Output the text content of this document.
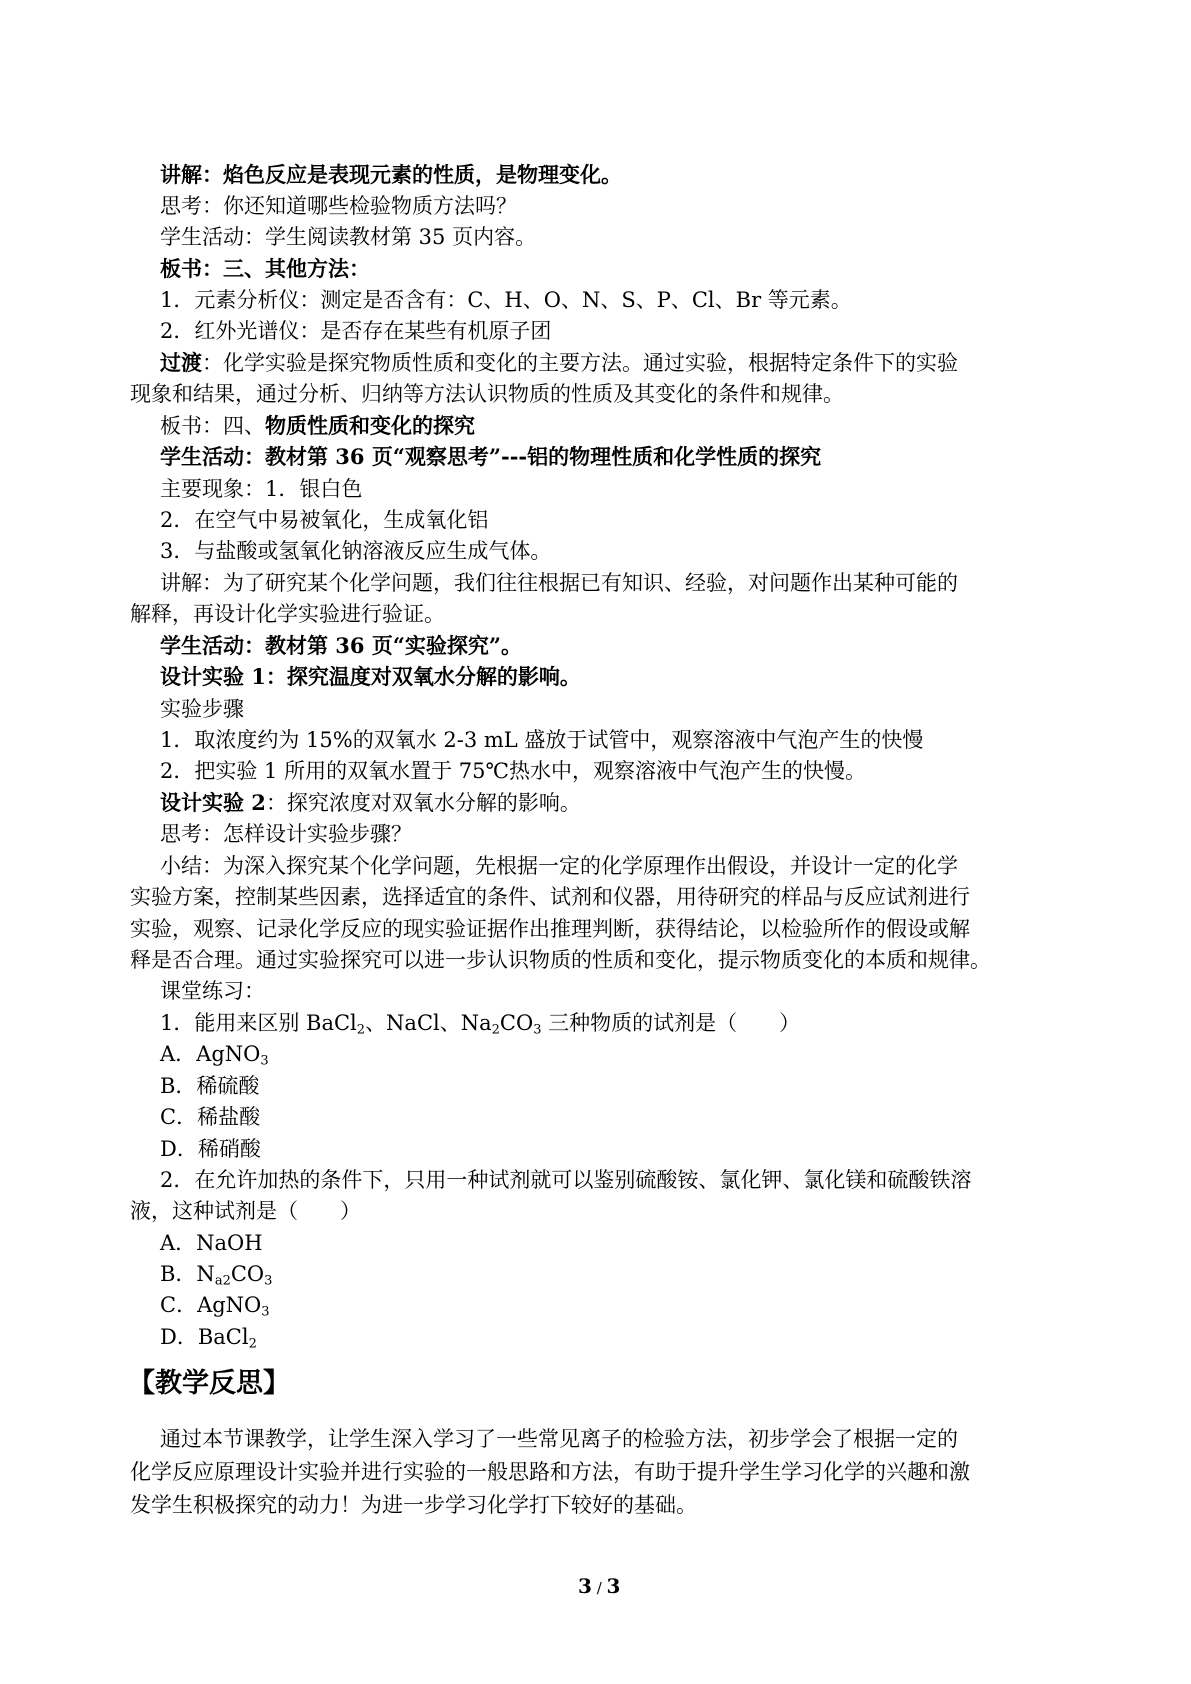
讲解：焰色反应是表现元素的性质，是物理变化。
思考：你还知道哪些检验物质方法吗？
学生活动：学生阅读教材第 35 页内容。
板书：三、其他方法：
1．元素分析仪：测定是否含有：C、H、O、N、S、P、Cl、Br 等元素。
2．红外光谱仪：是否存在某些有机原子团
过渡：化学实验是探究物质性质和变化的主要方法。通过实验，根据特定条件下的实验
现象和结果，通过分析、归纳等方法认识物质的性质及其变化的条件和规律。
板书：四、物质性质和变化的探究
学生活动：教材第 36 页“观察思考”---铝的物理性质和化学性质的探究
主要现象：1．银白色
2．在空气中易被氧化，生成氧化铝
3．与盐酸或氢氧化钠溶液反应生成气体。
讲解：为了研究某个化学问题，我们往往根据已有知识、经验，对问题作出某种可能的
解释，再设计化学实验进行验证。
学生活动：教材第 36 页“实验探究”。
设计实验 1：探究温度对双氧水分解的影响。
实验步骤
1．取浓度约为 15%的双氧水 2-3 mL 盛放于试管中，观察溶液中气泡产生的快慢
2．把实验 1 所用的双氧水置于 75℃热水中，观察溶液中气泡产生的快慢。
设计实验 2：探究浓度对双氧水分解的影响。
思考：怎样设计实验步骤？
小结：为深入探究某个化学问题，先根据一定的化学原理作出假设，并设计一定的化学
实验方案，控制某些因素，选择适宜的条件、试剂和仪器，用待研究的样品与反应试剂进行
实验，观察、记录化学反应的现实验证据作出推理判断，获得结论，以检验所作的假设或解
释是否合理。通过实验探究可以进一步认识物质的性质和变化，提示物质变化的本质和规律。
课堂练习：
1．能用来区别 BaCl$_2$、NaCl、$Na_2CO_3$ 三种物质的试剂是（　　）
A．AgNO$_3$
B．稀硫酸
C．稀盐酸
D．稀硝酸
2．在允许加热的条件下，只用一种试剂就可以鉴别硫酸铵、氯化钾、氯化镁和硫酸铁溶
液，这种试剂是（　　）
A．NaOH
B．$N_{a2}CO_3$
C．AgNO$_3$
D．BaCl$_2$
【教学反思】
通过本节课教学，让学生深入学习了一些常见离子的检验方法，初步学会了根据一定的
化学反应原理设计实验并进行实验的一般思路和方法，有助于提升学生学习化学的兴趣和激
发学生积极探究的动力！为进一步学习化学打下较好的基础。
3 / 3
